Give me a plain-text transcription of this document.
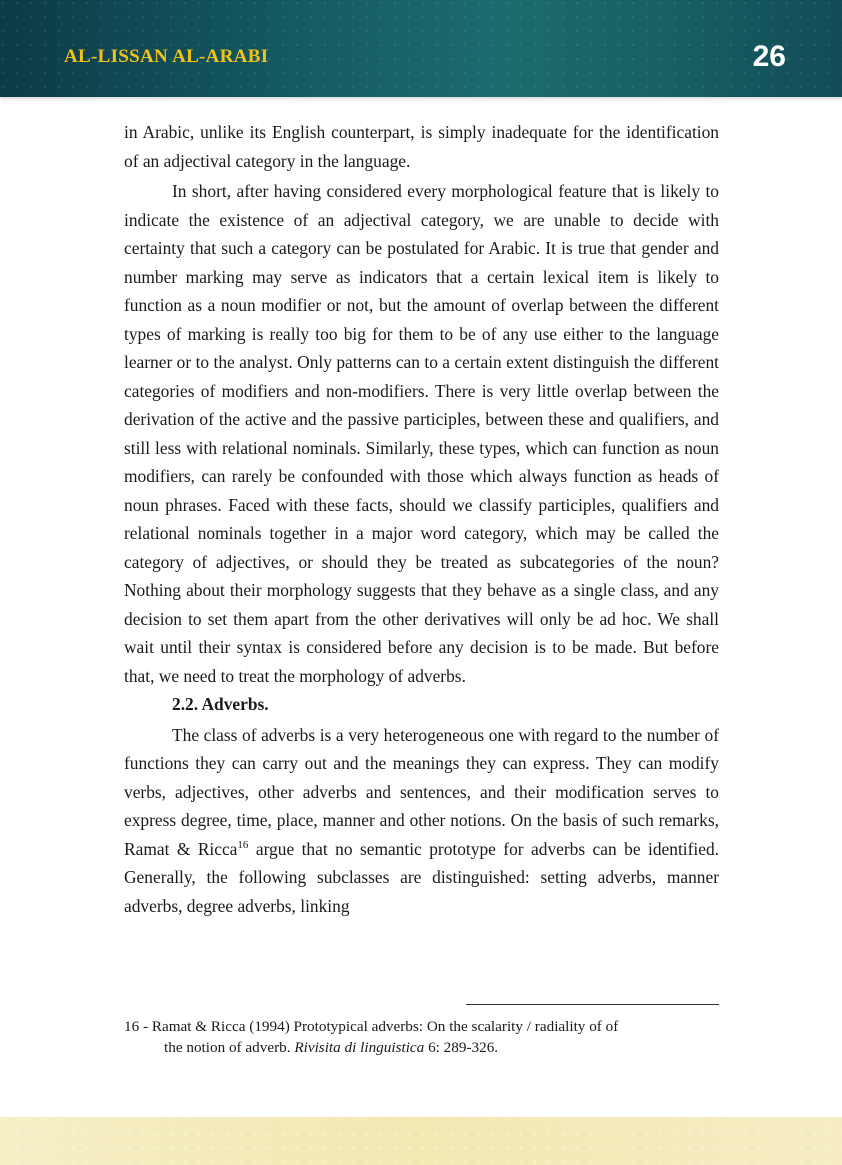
AL-LISSAN AL-ARABI	26

in Arabic, unlike its English counterpart, is simply inadequate for the identification of an adjectival category in the language.

In short, after having considered every morphological feature that is likely to indicate the existence of an adjectival category, we are unable to decide with certainty that such a category can be postulated for Arabic. It is true that gender and number marking may serve as indicators that a certain lexical item is likely to function as a noun modifier or not, but the amount of overlap between the different types of marking is really too big for them to be of any use either to the language learner or to the analyst. Only patterns can to a certain extent distinguish the different categories of modifiers and non-modifiers. There is very little overlap between the derivation of the active and the passive participles, between these and qualifiers, and still less with relational nominals. Similarly, these types, which can function as noun modifiers, can rarely be confounded with those which always function as heads of noun phrases. Faced with these facts, should we classify participles, qualifiers and relational nominals together in a major word category, which may be called the category of adjectives, or should they be treated as subcategories of the noun? Nothing about their morphology suggests that they behave as a single class, and any decision to set them apart from the other derivatives will only be ad hoc. We shall wait until their syntax is considered before any decision is to be made. But before that, we need to treat the morphology of adverbs.

2.2. Adverbs.

The class of adverbs is a very heterogeneous one with regard to the number of functions they can carry out and the meanings they can express. They can modify verbs, adjectives, other adverbs and sentences, and their modification serves to express degree, time, place, manner and other notions. On the basis of such remarks, Ramat & Ricca$^{16}$ argue that no semantic prototype for adverbs can be identified. Generally, the following subclasses are distinguished: setting adverbs, manner adverbs, degree adverbs, linking

16 - Ramat & Ricca (1994) Prototypical adverbs: On the scalarity / radiality of of
the notion of adverb. Rivisita di linguistica 6: 289-326.
